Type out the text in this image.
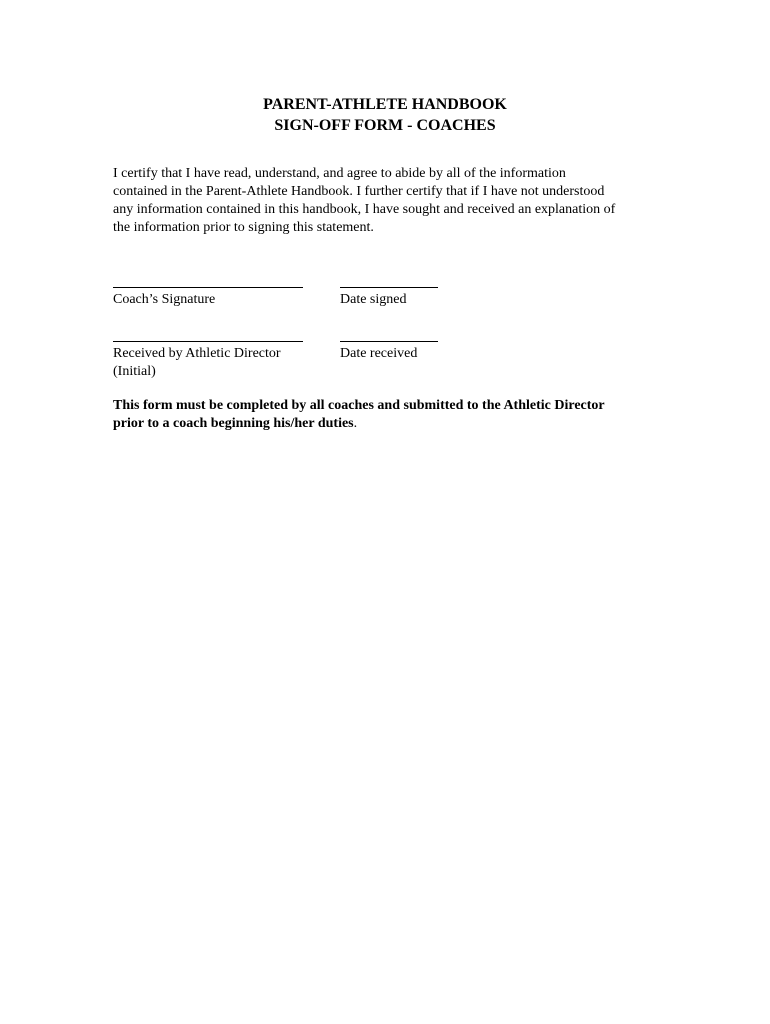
PARENT-ATHLETE HANDBOOK
SIGN-OFF FORM - COACHES
I certify that I have read, understand, and agree to abide by all of the information
contained in the Parent-Athlete Handbook. I further certify that if I have not understood
any information contained in this handbook, I have sought and received an explanation of
the information prior to signing this statement.
Coach’s Signature	Date signed
Received by Athletic Director
(Initial)
Date received
This form must be completed by all coaches and submitted to the Athletic Director
prior to a coach beginning his/her duties.
